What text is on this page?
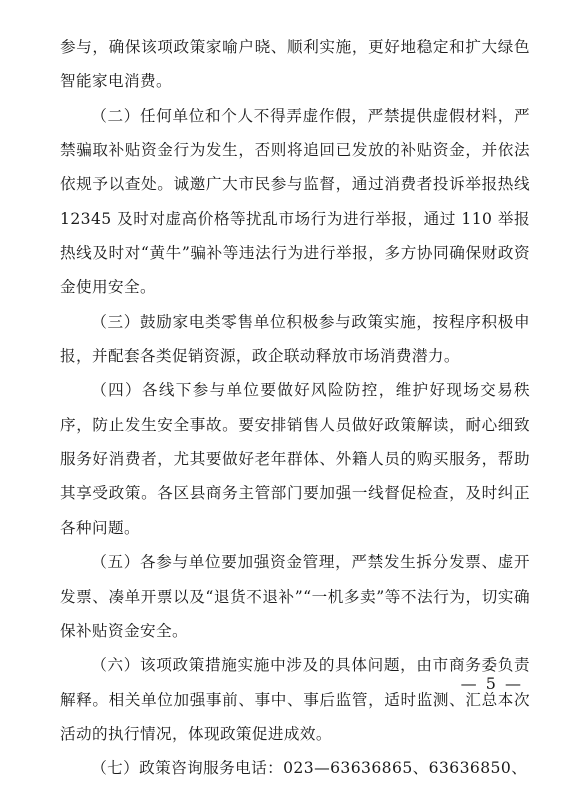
参与，确保该项政策家喻户晓、顺利实施，更好地稳定和扩大绿色智能家电消费。

（二）任何单位和个人不得弄虚作假，严禁提供虚假材料，严禁骗取补贴资金行为发生，否则将追回已发放的补贴资金，并依法依规予以查处。诚邀广大市民参与监督，通过消费者投诉举报热线 12345 及时对虚高价格等扰乱市场行为进行举报，通过 110 举报热线及时对“黄牛”骗补等违法行为进行举报，多方协同确保财政资金使用安全。

（三）鼓励家电类零售单位积极参与政策实施，按程序积极申报，并配套各类促销资源，政企联动释放市场消费潜力。

（四）各线下参与单位要做好风险防控，维护好现场交易秩序，防止发生安全事故。要安排销售人员做好政策解读，耐心细致服务好消费者，尤其要做好老年群体、外籍人员的购买服务，帮助其享受政策。各区县商务主管部门要加强一线督促检查，及时纠正各种问题。

（五）各参与单位要加强资金管理，严禁发生拆分发票、虚开发票、凑单开票以及“退货不退补”“一机多卖”等不法行为，切实确保补贴资金安全。

（六）该项政策措施实施中涉及的具体问题，由市商务委负责解释。相关单位加强事前、事中、事后监管，适时监测、汇总本次活动的执行情况，体现政策促进成效。

（七）政策咨询服务电话：023—63636865、63636850、

— 5 —
